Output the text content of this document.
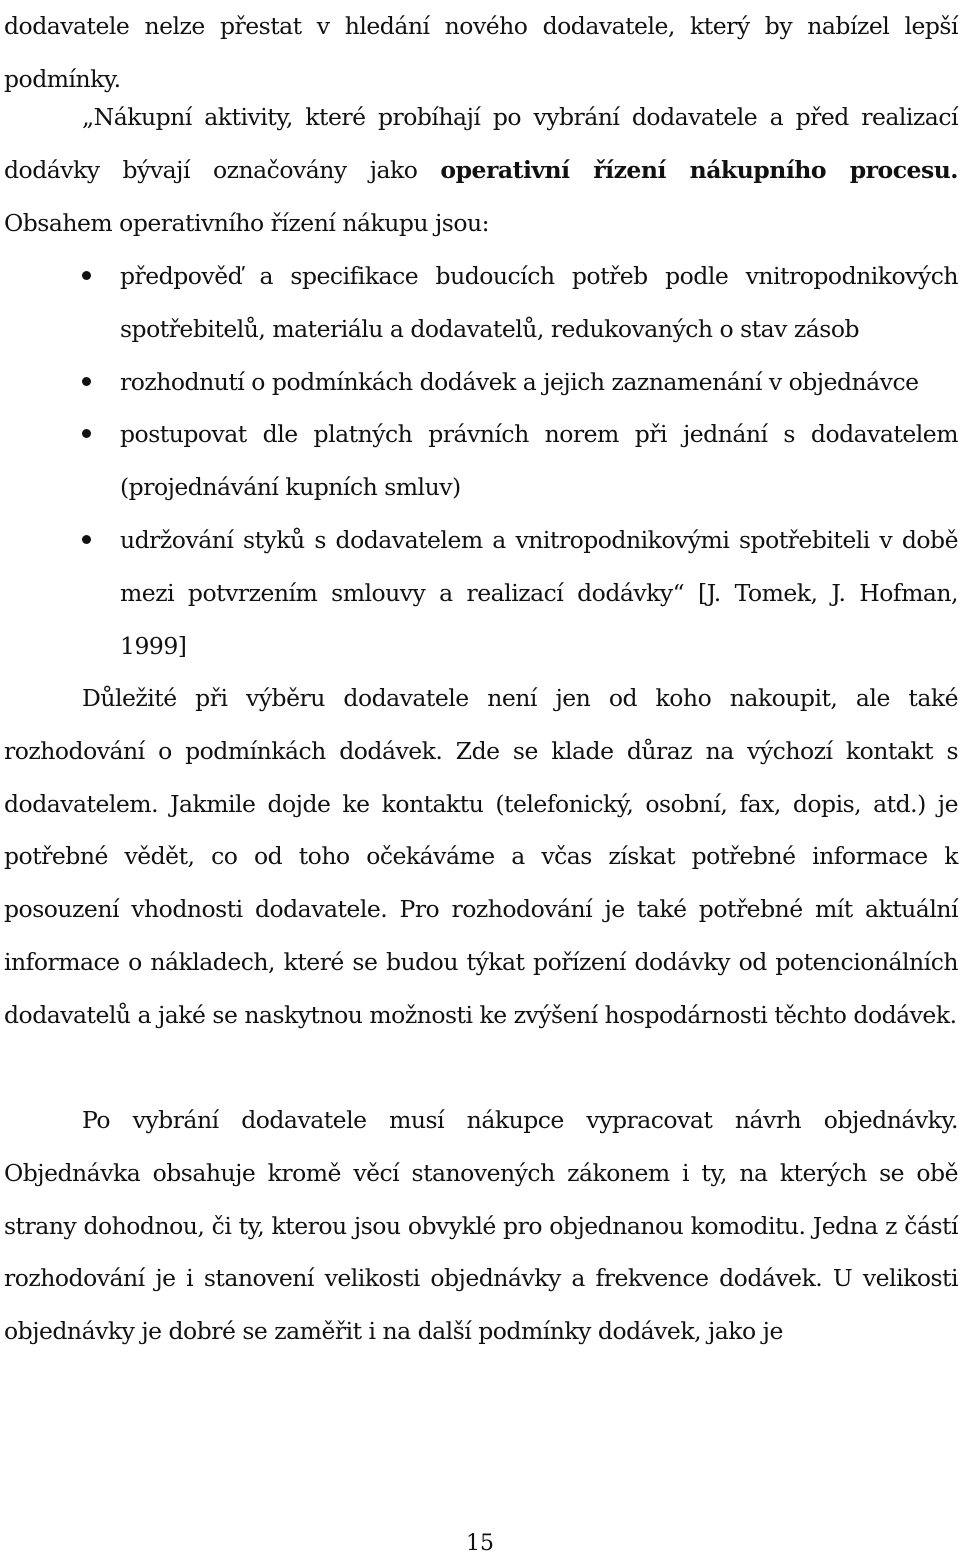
dodavatele nelze přestat v hledání nového dodavatele, který by nabízel lepší podmínky.

„Nákupní aktivity, které probíhají po vybrání dodavatele a před realizací dodávky bývají označovány jako operativní řízení nákupního procesu. Obsahem operativního řízení nákupu jsou:

předpověď a specifikace budoucích potřeb podle vnitropodnikových spotřebitelů, materiálu a dodavatelů, redukovaných o stav zásob
rozhodnutí o podmínkách dodávek a jejich zaznamenání v objednávce
postupovat dle platných právních norem při jednání s dodavatelem (projednávání kupních smluv)
udržování styků s dodavatelem a vnitropodnikovými spotřebiteli v době mezi potvrzením smlouvy a realizací dodávky“ [J. Tomek, J. Hofman, 1999]

Důležité při výběru dodavatele není jen od koho nakoupit, ale také rozhodování o podmínkách dodávek. Zde se klade důraz na výchozí kontakt s dodavatelem. Jakmile dojde ke kontaktu (telefonický, osobní, fax, dopis, atd.) je potřebné vědět, co od toho očekáváme a včas získat potřebné informace k posouzení vhodnosti dodavatele. Pro rozhodování je také potřebné mít aktuální informace o nákladech, které se budou týkat pořízení dodávky od potencionálních dodavatelů a jaké se naskytnou možnosti ke zvýšení hospodárnosti těchto dodávek.

Po vybrání dodavatele musí nákupce vypracovat návrh objednávky. Objednávka obsahuje kromě věcí stanovených zákonem i ty, na kterých se obě strany dohodnou, či ty, kterou jsou obvyklé pro objednanou komoditu. Jedna z částí rozhodování je i stanovení velikosti objednávky a frekvence dodávek. U velikosti objednávky je dobré se zaměřit i na další podmínky dodávek, jako je

15
